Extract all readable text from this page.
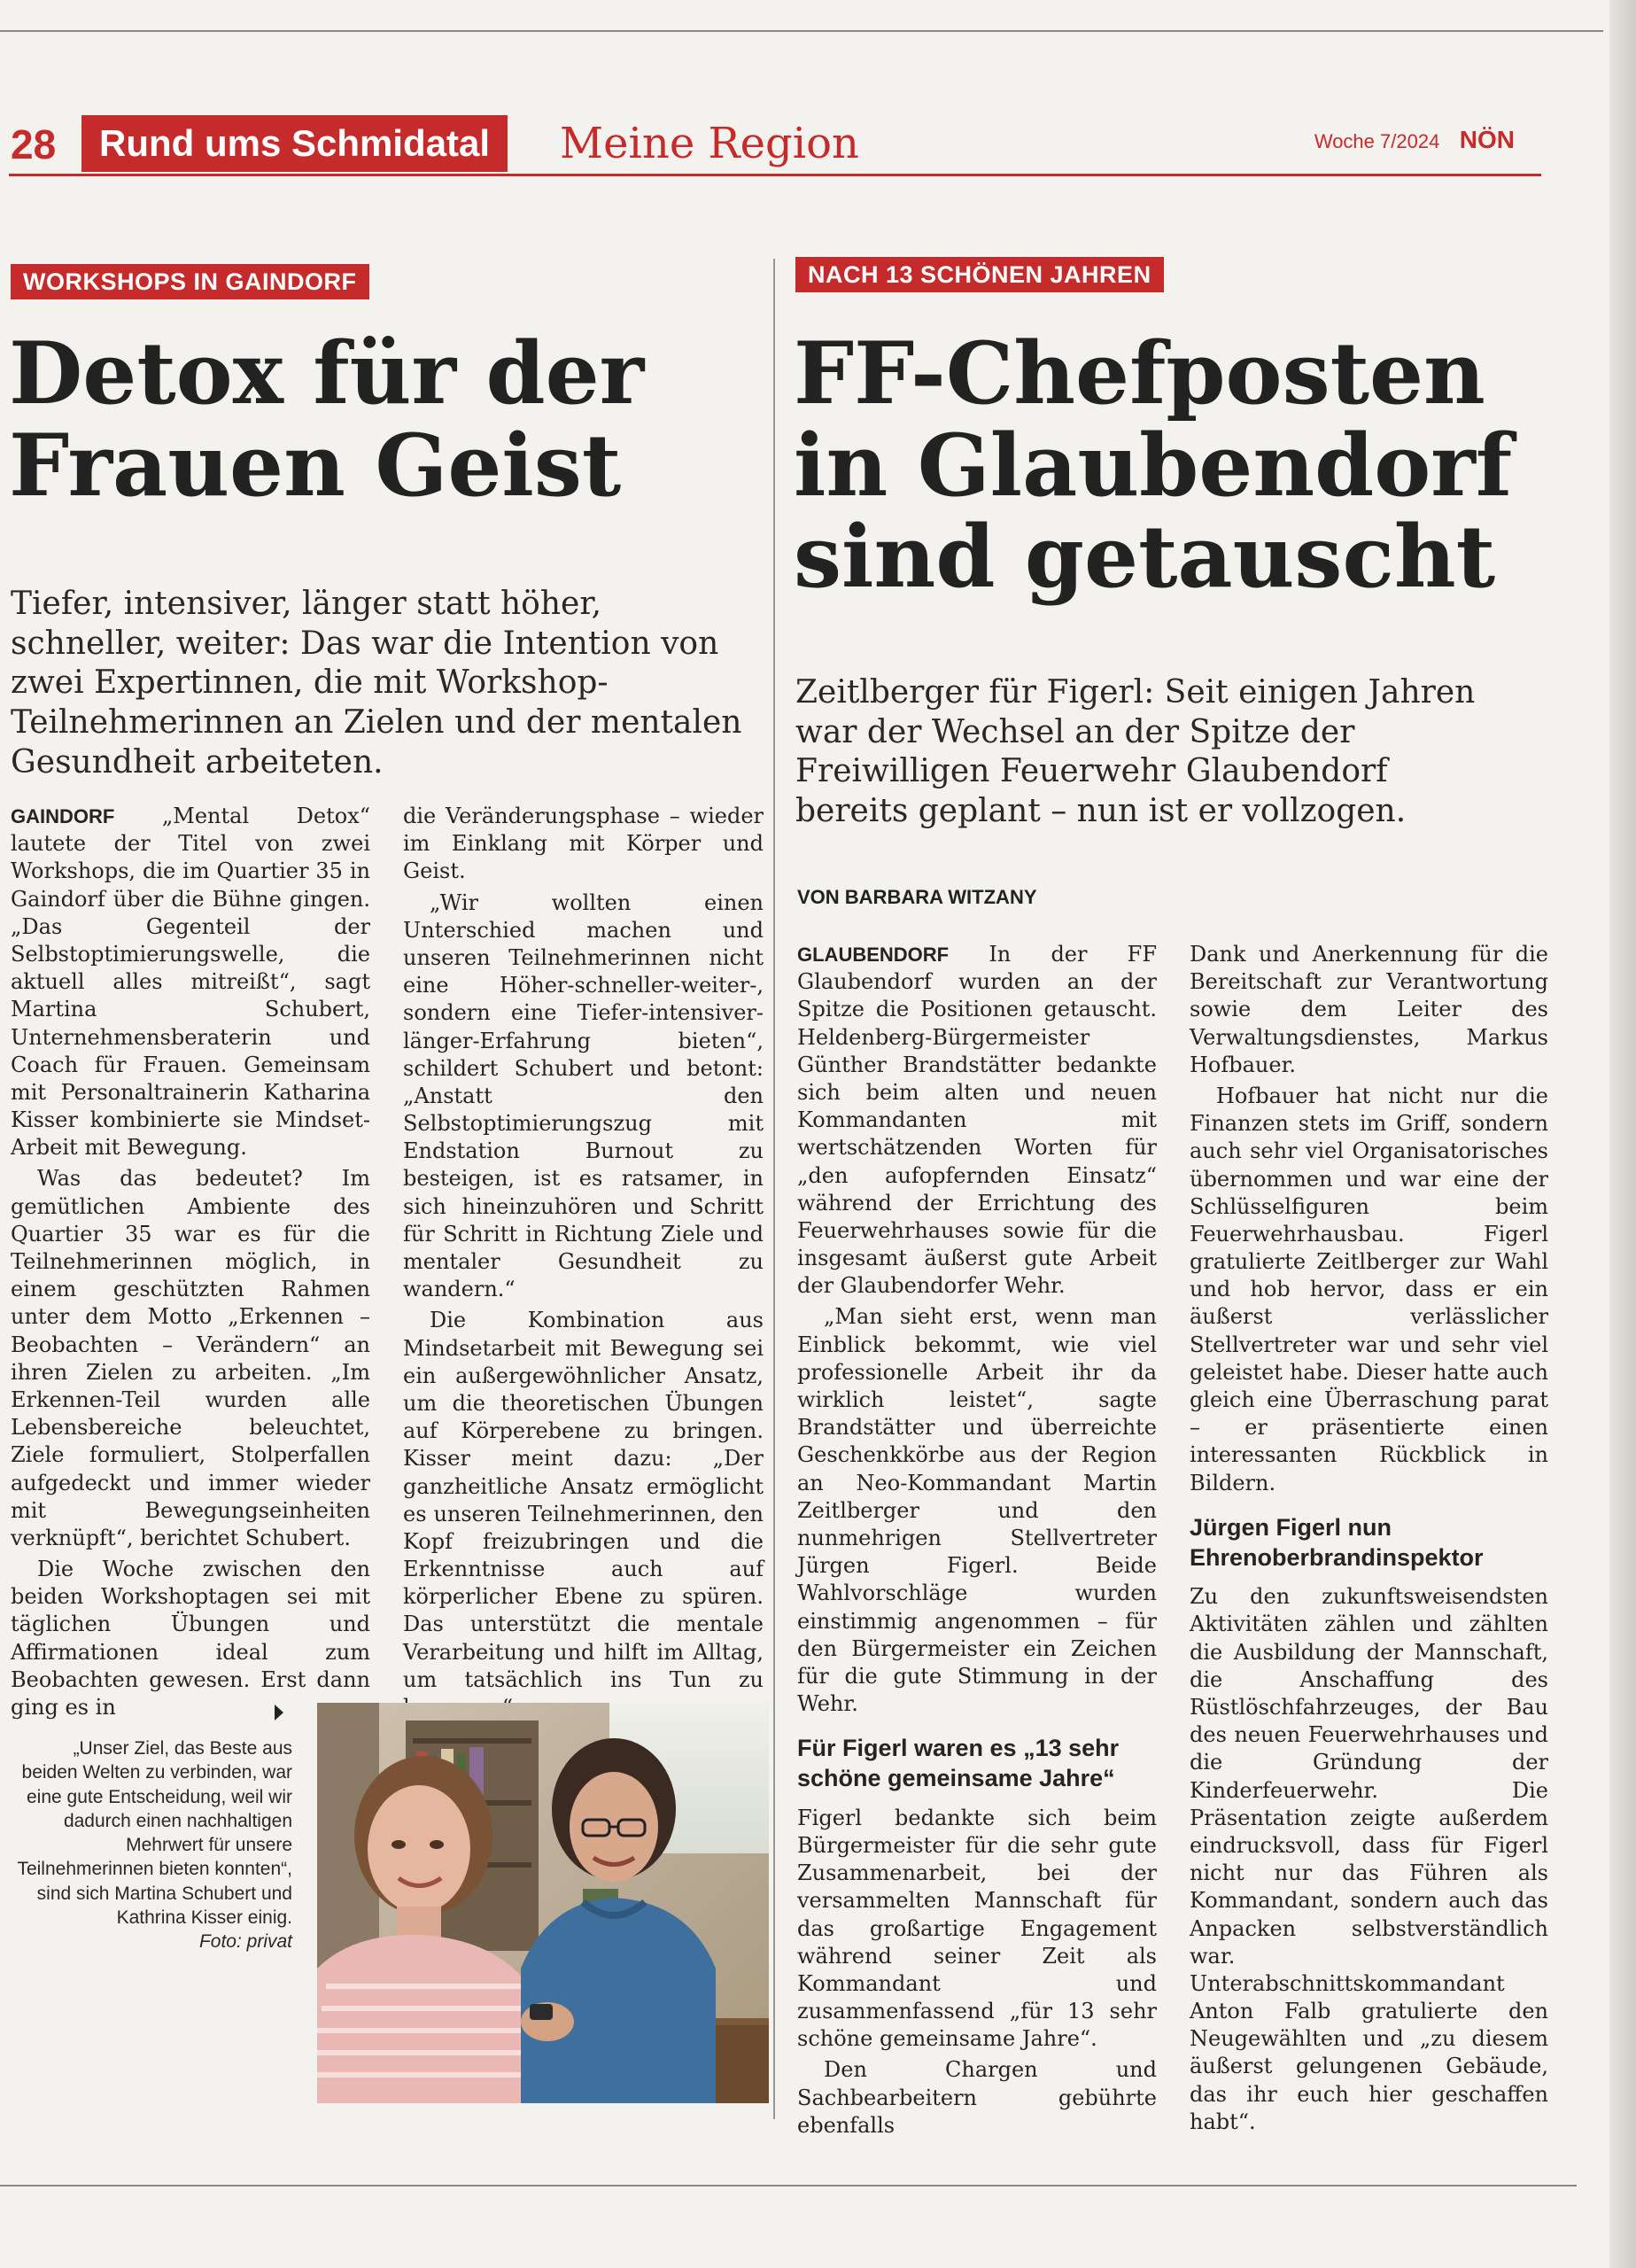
28	Rund ums Schmidatal	Meine Region	Woche 7/2024 NÖN
WORKSHOPS IN GAINDORF
Detox für der
Frauen Geist

Tiefer, intensiver, länger statt höher, schneller, weiter: Das war die Intention von zwei Expertinnen, die mit Workshop-Teilnehmerinnen an Zielen und der mentalen Gesundheit arbeiteten.

GAINDORF „Mental Detox“ lautete der Titel von zwei Workshops, die im Quartier 35 in Gaindorf über die Bühne gingen. „Das Gegenteil der Selbstoptimierungswelle, die aktuell alles mitreißt“, sagt Martina Schubert, Unternehmensberaterin und Coach für Frauen. Gemeinsam mit Personaltrainerin Katharina Kisser kombinierte sie Mindset-Arbeit mit Bewegung.

Was das bedeutet? Im gemütlichen Ambiente des Quartier 35 war es für die Teilnehmerinnen möglich, in einem geschützten Rahmen unter dem Motto „Erkennen – Beobachten – Verändern“ an ihren Zielen zu arbeiten. „Im Erkennen-Teil wurden alle Lebensbereiche beleuchtet, Ziele formuliert, Stolperfallen aufgedeckt und immer wieder mit Bewegungseinheiten verknüpft“, berichtet Schubert.

Die Woche zwischen den beiden Workshoptagen sei mit täglichen Übungen und Affirmationen ideal zum Beobachten gewesen. Erst dann ging es in

die Veränderungsphase – wieder im Einklang mit Körper und Geist.

„Wir wollten einen Unterschied machen und unseren Teilnehmerinnen nicht eine Höher-schneller-weiter-, sondern eine Tiefer-intensiver-länger-Erfahrung bieten“, schildert Schubert und betont: „Anstatt den Selbstoptimierungszug mit Endstation Burnout zu besteigen, ist es ratsamer, in sich hineinzuhören und Schritt für Schritt in Richtung Ziele und mentaler Gesundheit zu wandern.“

Die Kombination aus Mindsetarbeit mit Bewegung sei ein außergewöhnlicher Ansatz, um die theoretischen Übungen auf Körperebene zu bringen. Kisser meint dazu: „Der ganzheitliche Ansatz ermöglicht es unseren Teilnehmerinnen, den Kopf freizubringen und die Erkenntnisse auch auf körperlicher Ebene zu spüren. Das unterstützt die mentale Verarbeitung und hilft im Alltag, um tatsächlich ins Tun zu

„Unser Ziel, das Beste aus beiden Welten zu verbinden, war eine gute Entscheidung, weil wir dadurch einen nachhaltigen Mehrwert für unsere Teilnehmerinnen bieten konnten“, sind sich Martina Schubert und Kathrina Kisser einig.
Foto: privat
NACH 13 SCHÖNEN JAHREN
FF-Chefposten
in Glaubendorf
sind getauscht

Zeitlberger für Figerl: Seit einigen Jahren war der Wechsel an der Spitze der Freiwilligen Feuerwehr Glaubendorf bereits geplant – nun ist er vollzogen.

VON BARBARA WITZANY

GLAUBENDORF In der FF Glaubendorf wurden an der Spitze die Positionen getauscht. Heldenberg-Bürgermeister Günther Brandstätter bedankte sich beim alten und neuen Kommandanten mit wertschätzenden Worten für „den aufopfernden Einsatz“ während der Errichtung des Feuerwehrhauses sowie für die insgesamt äußerst gute Arbeit der Glaubendorfer Wehr.

„Man sieht erst, wenn man Einblick bekommt, wie viel professionelle Arbeit ihr da wirklich leistet“, sagte Brandstätter und überreichte Geschenkkörbe aus der Region an Neo-Kommandant Martin Zeitlberger und den nunmehrigen Stellvertreter Jürgen Figerl. Beide Wahlvorschläge wurden einstimmig angenommen – für den Bürgermeister ein Zeichen für die gute Stimmung in der Wehr.

Für Figerl waren es „13 sehr schöne gemeinsame Jahre“

Figerl bedankte sich beim Bürgermeister für die sehr gute Zusammenarbeit, bei der versammelten Mannschaft für das großartige Engagement während seiner Zeit als Kommandant und zusammenfassend „für 13 sehr schöne gemeinsame Jahre“.

Den Chargen und Sachbearbeitern gebührte ebenfalls

Dank und Anerkennung für die Bereitschaft zur Verantwortung sowie dem Leiter des Verwaltungsdienstes, Markus Hofbauer.

Hofbauer hat nicht nur die Finanzen stets im Griff, sondern auch sehr viel Organisatorisches übernommen und war eine der Schlüsselfiguren beim Feuerwehrhausbau. Figerl gratulierte Zeitlberger zur Wahl und hob hervor, dass er ein äußerst verlässlicher Stellvertreter war und sehr viel geleistet habe. Dieser hatte auch gleich eine Überraschung parat – er präsentierte einen interessanten Rückblick in Bildern.

Jürgen Figerl nun Ehrenoberbrandinspektor

Zu den zukunftsweisendsten Aktivitäten zählen und zählten die Ausbildung der Mannschaft, die Anschaffung des Rüstlöschfahrzeuges, der Bau des neuen Feuerwehrhauses und die Gründung der Kinderfeuerwehr. Die Präsentation zeigte außerdem eindrucksvoll, dass für Figerl nicht nur das Führen als Kommandant, sondern auch das Anpacken selbstverständlich war. Unterabschnittskommandant Anton Falb gratulierte den Neugewählten und „zu diesem äußerst gelungenen Gebäude, das ihr euch hier geschaffen habt“.
